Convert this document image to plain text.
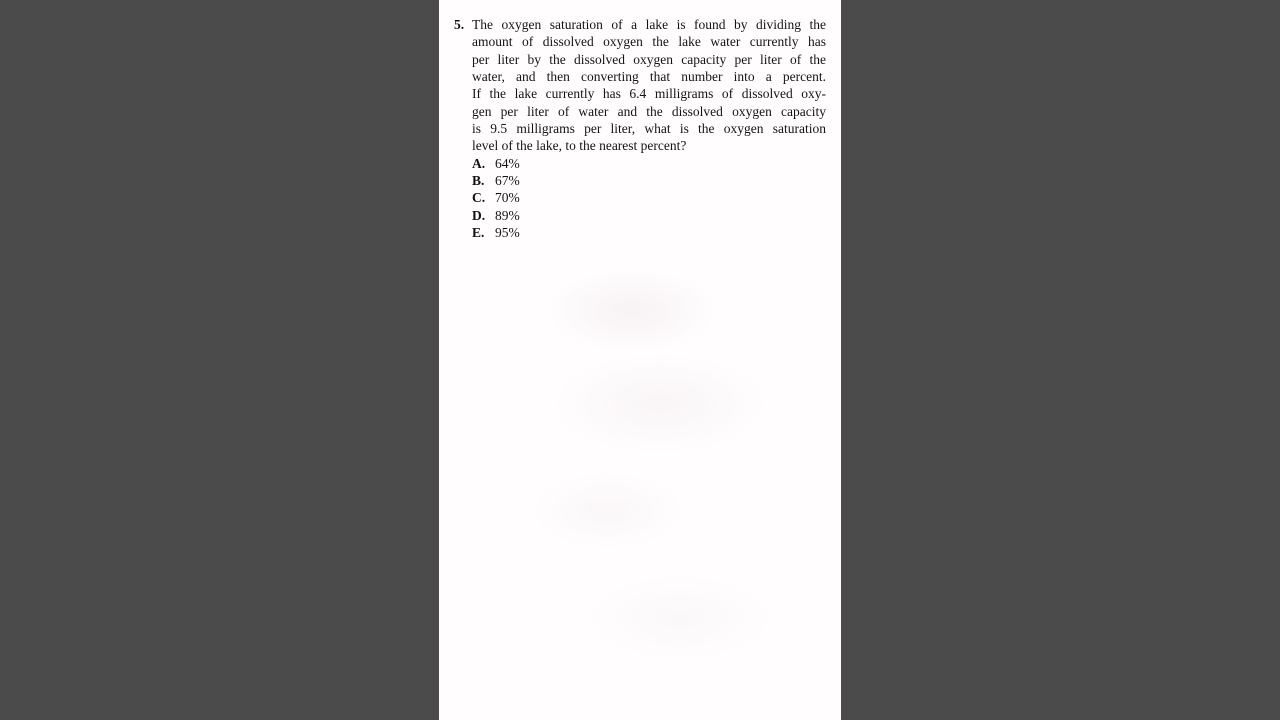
5. The oxygen saturation of a lake is found by dividing the
amount of dissolved oxygen the lake water currently has
per liter by the dissolved oxygen capacity per liter of the
water, and then converting that number into a percent.
If the lake currently has 6.4 milligrams of dissolved oxy-
gen per liter of water and the dissolved oxygen capacity
is 9.5 milligrams per liter, what is the oxygen saturation
level of the lake, to the nearest percent?
A. 64%
B. 67%
C. 70%
D. 89%
E. 95%
